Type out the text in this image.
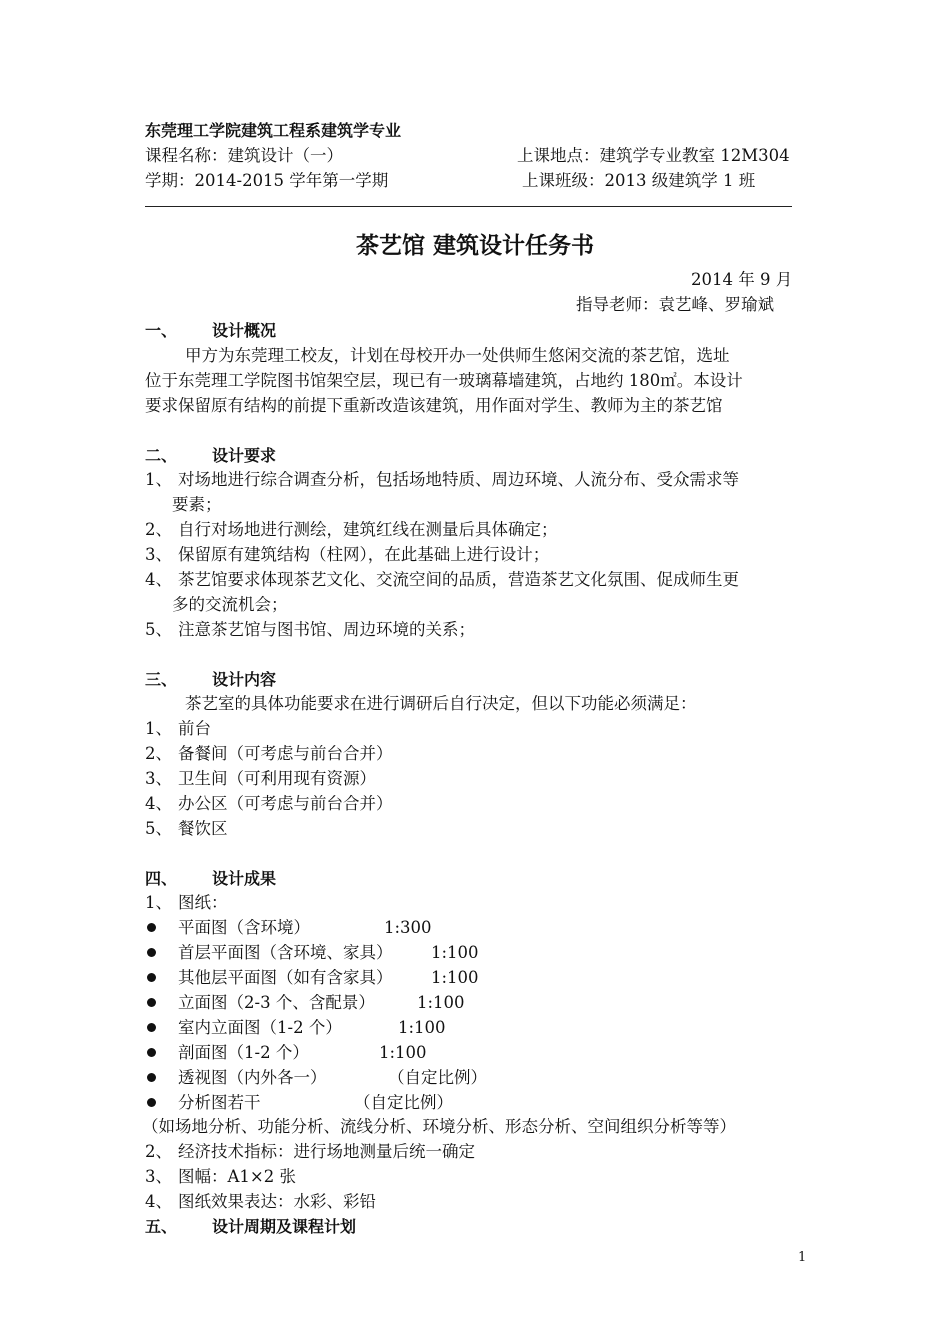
东莞理工学院建筑工程系建筑学专业
课程名称：建筑设计（一）	上课地点：建筑学专业教室 12M304
学期：2014-2015 学年第一学期	上课班级：2013 级建筑学 1 班
茶艺馆 建筑设计任务书
2014 年 9 月
指导老师：袁艺峰、罗瑜斌
一、 设计概况
甲方为东莞理工校友，计划在母校开办一处供师生悠闲交流的茶艺馆，选址
位于东莞理工学院图书馆架空层，现已有一玻璃幕墙建筑，占地约 180㎡。本设计
要求保留原有结构的前提下重新改造该建筑，用作面对学生、教师为主的茶艺馆
二、 设计要求
1、 对场地进行综合调查分析，包括场地特质、周边环境、人流分布、受众需求等
要素；
2、 自行对场地进行测绘，建筑红线在测量后具体确定；
3、 保留原有建筑结构（柱网），在此基础上进行设计；
4、 茶艺馆要求体现茶艺文化、交流空间的品质，营造茶艺文化氛围、促成师生更
多的交流机会；
5、 注意茶艺馆与图书馆、周边环境的关系；
三、 设计内容
茶艺室的具体功能要求在进行调研后自行决定，但以下功能必须满足：
1、 前台
2、 备餐间（可考虑与前台合并）
3、 卫生间（可利用现有资源）
4、 办公区（可考虑与前台合并）
5、 餐饮区
四、 设计成果
1、 图纸：
平面图（含环境）	1:300
首层平面图（含环境、家具） 1:100
其他层平面图（如有含家具） 1:100
立面图（2-3 个、含配景）	1:100
室内立面图（1-2 个）	1:100
剖面图（1-2 个）	1:100
透视图（内外各一）	（自定比例）
分析图若干	（自定比例）
（如场地分析、功能分析、流线分析、环境分析、形态分析、空间组织分析等等）
2、 经济技术指标：进行场地测量后统一确定
3、 图幅：A1×2 张
4、 图纸效果表达：水彩、彩铅
五、 设计周期及课程计划
1
